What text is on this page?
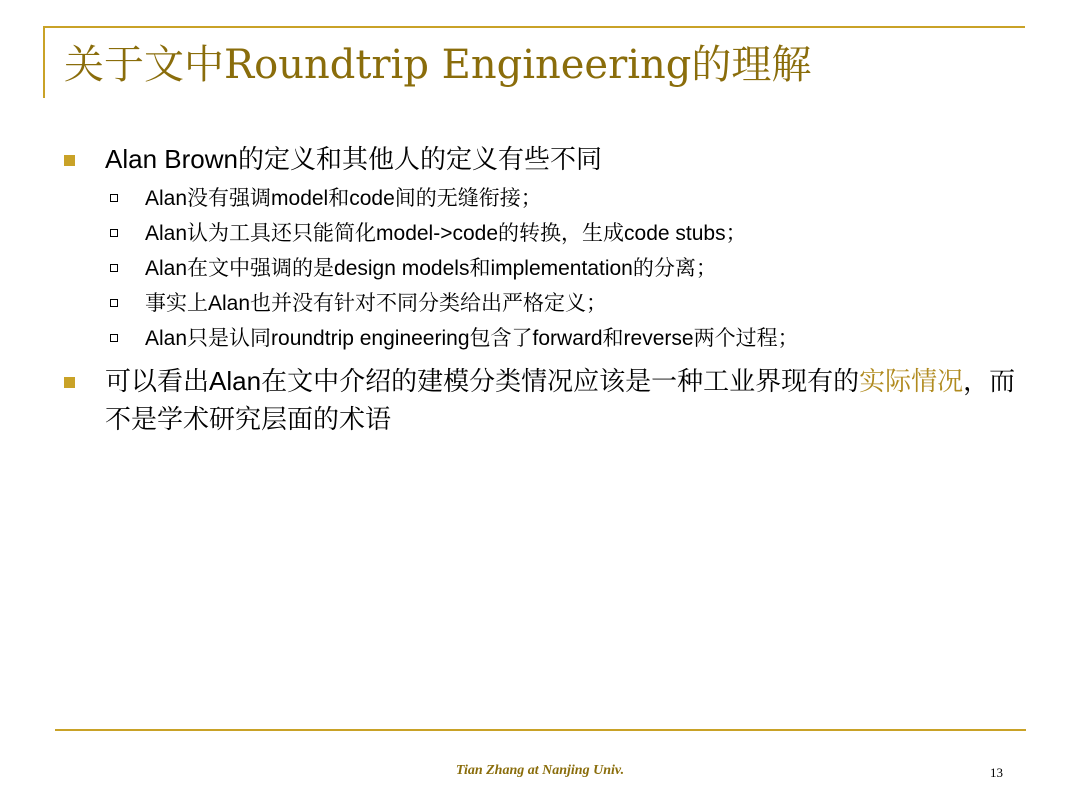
关于文中Roundtrip Engineering的理解
Alan Brown的定义和其他人的定义有些不同
Alan没有强调model和code间的无缝衔接；
Alan认为工具还只能简化model->code的转换，生成code stubs；
Alan在文中强调的是design models和implementation的分离；
事实上Alan也并没有针对不同分类给出严格定义；
Alan只是认同roundtrip engineering包含了forward和reverse两个过程；
可以看出Alan在文中介绍的建模分类情况应该是一种工业界现有的实际情况，而不是学术研究层面的术语
Tian Zhang at Nanjing Univ.	13
